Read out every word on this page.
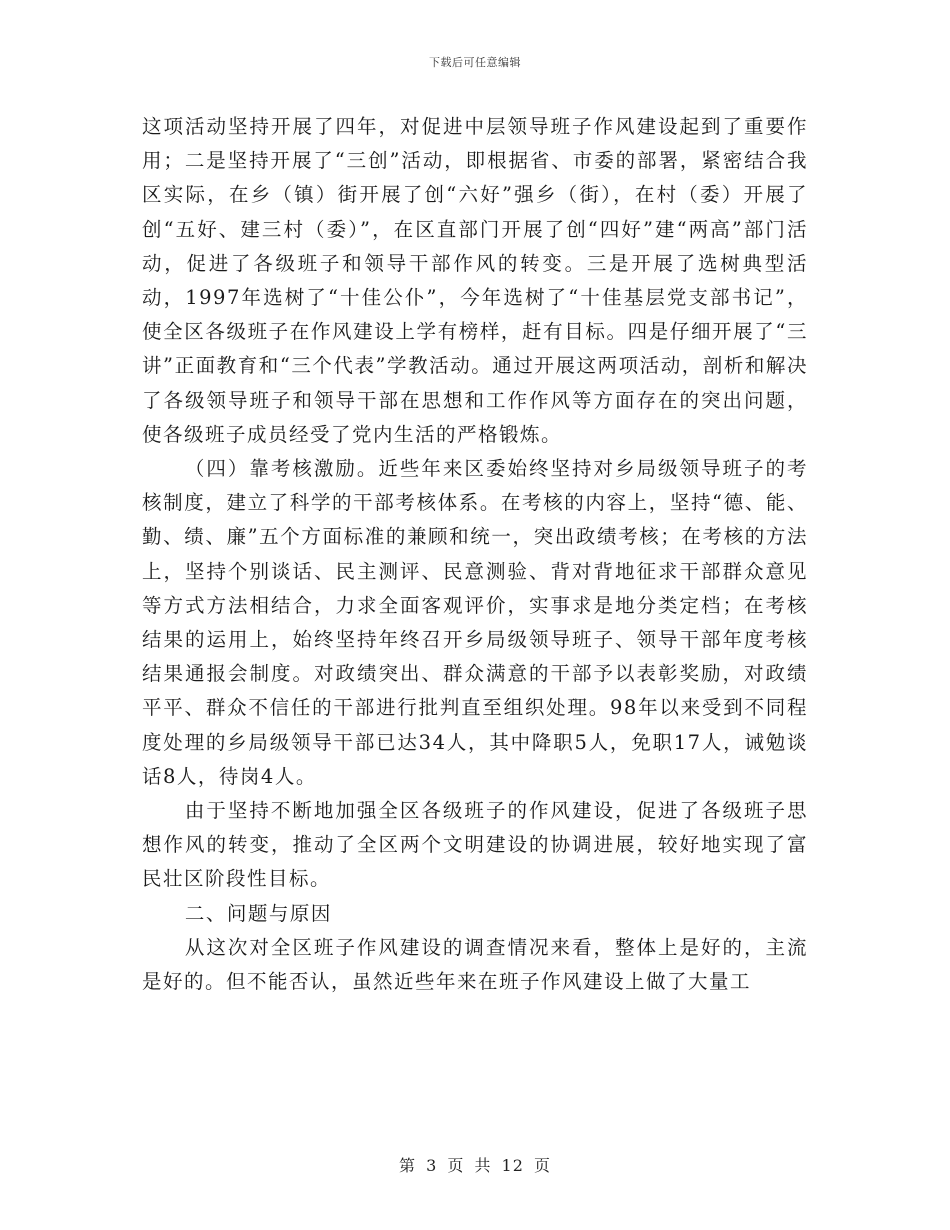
下载后可任意编辑

这项活动坚持开展了四年，对促进中层领导班子作风建设起到了重要作用；二是坚持开展了“三创”活动，即根据省、市委的部署，紧密结合我区实际，在乡（镇）街开展了创“六好”强乡（街），在村（委）开展了创“五好、建三村（委）”，在区直部门开展了创“四好”建“两高”部门活动，促进了各级班子和领导干部作风的转变。三是开展了选树典型活动，1997年选树了“十佳公仆”，今年选树了“十佳基层党支部书记”，使全区各级班子在作风建设上学有榜样，赶有目标。四是仔细开展了“三讲”正面教育和“三个代表”学教活动。通过开展这两项活动，剖析和解决了各级领导班子和领导干部在思想和工作作风等方面存在的突出问题，使各级班子成员经受了党内生活的严格锻炼。

（四）靠考核激励。近些年来区委始终坚持对乡局级领导班子的考核制度，建立了科学的干部考核体系。在考核的内容上，坚持“德、能、勤、绩、廉”五个方面标准的兼顾和统一，突出政绩考核；在考核的方法上，坚持个别谈话、民主测评、民意测验、背对背地征求干部群众意见等方式方法相结合，力求全面客观评价，实事求是地分类定档；在考核结果的运用上，始终坚持年终召开乡局级领导班子、领导干部年度考核结果通报会制度。对政绩突出、群众满意的干部予以表彰奖励，对政绩平平、群众不信任的干部进行批判直至组织处理。98年以来受到不同程度处理的乡局级领导干部已达34人，其中降职5人，免职17人，诫勉谈话8人，待岗4人。

由于坚持不断地加强全区各级班子的作风建设，促进了各级班子思想作风的转变，推动了全区两个文明建设的协调进展，较好地实现了富民壮区阶段性目标。

二、问题与原因

从这次对全区班子作风建设的调查情况来看，整体上是好的，主流是好的。但不能否认，虽然近些年来在班子作风建设上做了大量工

第 3 页 共 12 页
